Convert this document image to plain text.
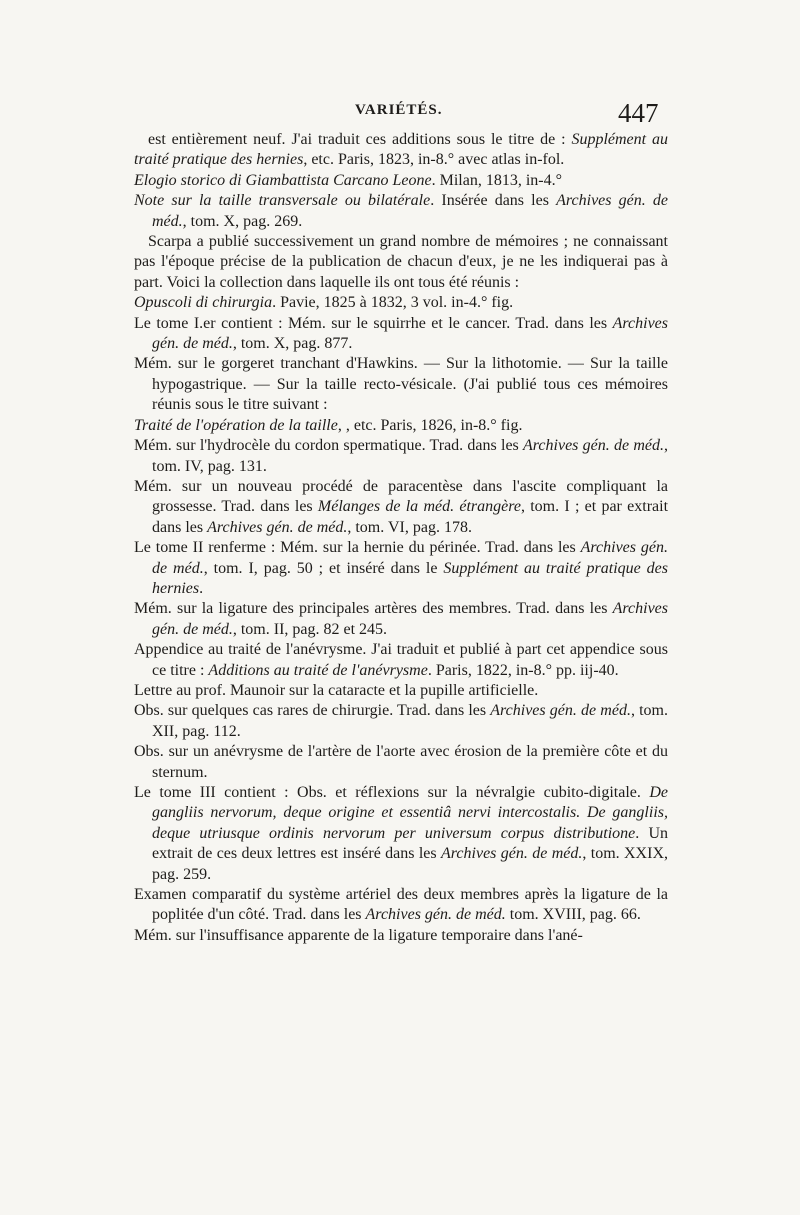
VARIÉTÉS.	447

est entièrement neuf. J'ai traduit ces additions sous le titre de : Supplément au traité pratique des hernies, etc. Paris, 1823, in-8.° avec atlas in-fol.

Elogio storico di Giambattista Carcano Leone. Milan, 1813, in-4.°

Note sur la taille transversale ou bilatérale. Insérée dans les Archives gén. de méd., tom. X, pag. 269.

Scarpa a publié successivement un grand nombre de mémoires ; ne connaissant pas l'époque précise de la publication de chacun d'eux, je ne les indiquerai pas à part. Voici la collection dans laquelle ils ont tous été réunis :

Opuscoli di chirurgia. Pavie, 1825 à 1832, 3 vol. in-4.° fig.

Le tome I.er contient : Mém. sur le squirrhe et le cancer. Trad. dans les Archives gén. de méd., tom. X, pag. 877.

Mém. sur le gorgeret tranchant d'Hawkins. — Sur la lithotomie. — Sur la taille hypogastrique. — Sur la taille recto-vésicale. (J'ai publié tous ces mémoires réunis sous le titre suivant :

Traité de l'opération de la taille, , etc. Paris, 1826, in-8.° fig.

Mém. sur l'hydrocèle du cordon spermatique. Trad. dans les Archives gén. de méd., tom. IV, pag. 131.

Mém. sur un nouveau procédé de paracentèse dans l'ascite compliquant la grossesse. Trad. dans les Mélanges de la méd. étrangère, tom. I ; et par extrait dans les Archives gén. de méd., tom. VI, pag. 178.

Le tome II renferme : Mém. sur la hernie du périnée. Trad. dans les Archives gén. de méd., tom. I, pag. 50 ; et inséré dans le Supplément au traité pratique des hernies.

Mém. sur la ligature des principales artères des membres. Trad. dans les Archives gén. de méd., tom. II, pag. 82 et 245.

Appendice au traité de l'anévrysme. J'ai traduit et publié à part cet appendice sous ce titre : Additions au traité de l'anévrysme. Paris, 1822, in-8.° pp. iij-40.

Lettre au prof. Maunoir sur la cataracte et la pupille artificielle.

Obs. sur quelques cas rares de chirurgie. Trad. dans les Archives gén. de méd., tom. XII, pag. 112.

Obs. sur un anévrysme de l'artère de l'aorte avec érosion de la première côte et du sternum.

Le tome III contient : Obs. et réflexions sur la névralgie cubito-digitale. De gangliis nervorum, deque origine et essentiâ nervi intercostalis. De gangliis, deque utriusque ordinis nervorum per universum corpus distributione. Un extrait de ces deux lettres est inséré dans les Archives gén. de méd., tom. XXIX, pag. 259.

Examen comparatif du système artériel des deux membres après la ligature de la poplitée d'un côté. Trad. dans les Archives gén. de méd. tom. XVIII, pag. 66.

Mém. sur l'insuffisance apparente de la ligature temporaire dans l'ané-
